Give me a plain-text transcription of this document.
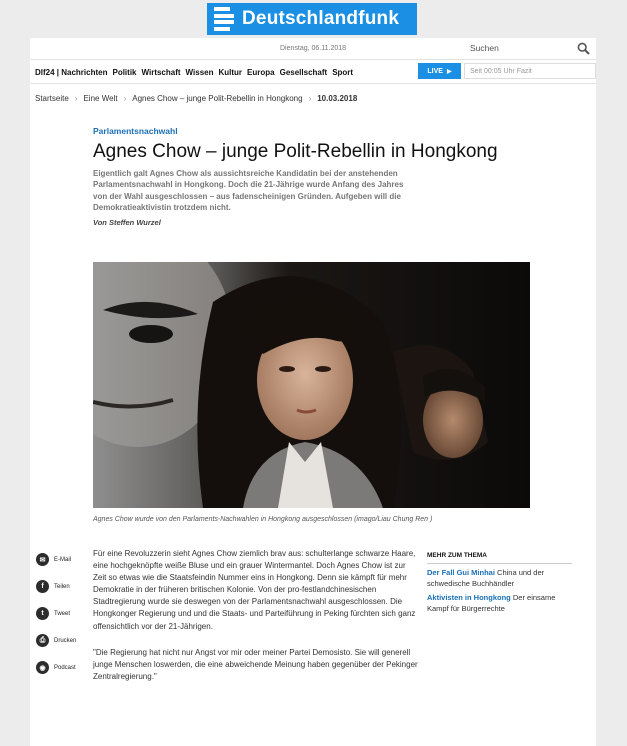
Deutschlandfunk
Dienstag, 06.11.2018	Suchen
Dlf24 | Nachrichten Politik Wirtschaft Wissen Kultur Europa Gesellschaft Sport	LIVE ▶	Seit 00:05 Uhr Fazit
Startseite › Eine Welt › Agnes Chow – junge Polit-Rebellin in Hongkong › 10.03.2018
Parlamentsnachwahl
Agnes Chow – junge Polit-Rebellin in Hongkong

Eigentlich galt Agnes Chow als aussichtsreiche Kandidatin bei der anstehenden Parlamentsnachwahl in Hongkong. Doch die 21-Jährige wurde Anfang des Jahres von der Wahl ausgeschlossen – aus fadenscheinigen Gründen. Aufgeben will die Demokratieaktivistin trotzdem nicht.

Von Steffen Wurzel

Agnes Chow wurde von den Parlaments-Nachwahlen in Hongkong ausgeschlossen (imago/Liau Chung Ren )
✉	E-Mail
f	Teilen
t	Tweet
⎙	Drucken
◉	Podcast

Für eine Revoluzzerin sieht Agnes Chow ziemlich brav aus: schulterlange schwarze Haare, eine hochgeknöpfte weiße Bluse und ein grauer Wintermantel. Doch Agnes Chow ist zur Zeit so etwas wie die Staatsfeindin Nummer eins in Hongkong. Denn sie kämpft für mehr Demokratie in der früheren britischen Kolonie. Von der pro-festlandchinesischen Stadtregierung wurde sie deswegen von der Parlamentsnachwahl ausgeschlossen. Die Hongkonger Regierung und und die Staats- und Parteiführung in Peking fürchten sich ganz offensichtlich vor der 21-Jährigen.

"Die Regierung hat nicht nur Angst vor mir oder meiner Partei Demosisto. Sie will generell junge Menschen loswerden, die eine abweichende Meinung haben gegenüber der Pekinger Zentralregierung."

MEHR ZUM THEMA
Der Fall Gui Minhai China und der schwedische Buchhändler
Aktivisten in Hongkong Der einsame Kampf für Bürgerrechte
